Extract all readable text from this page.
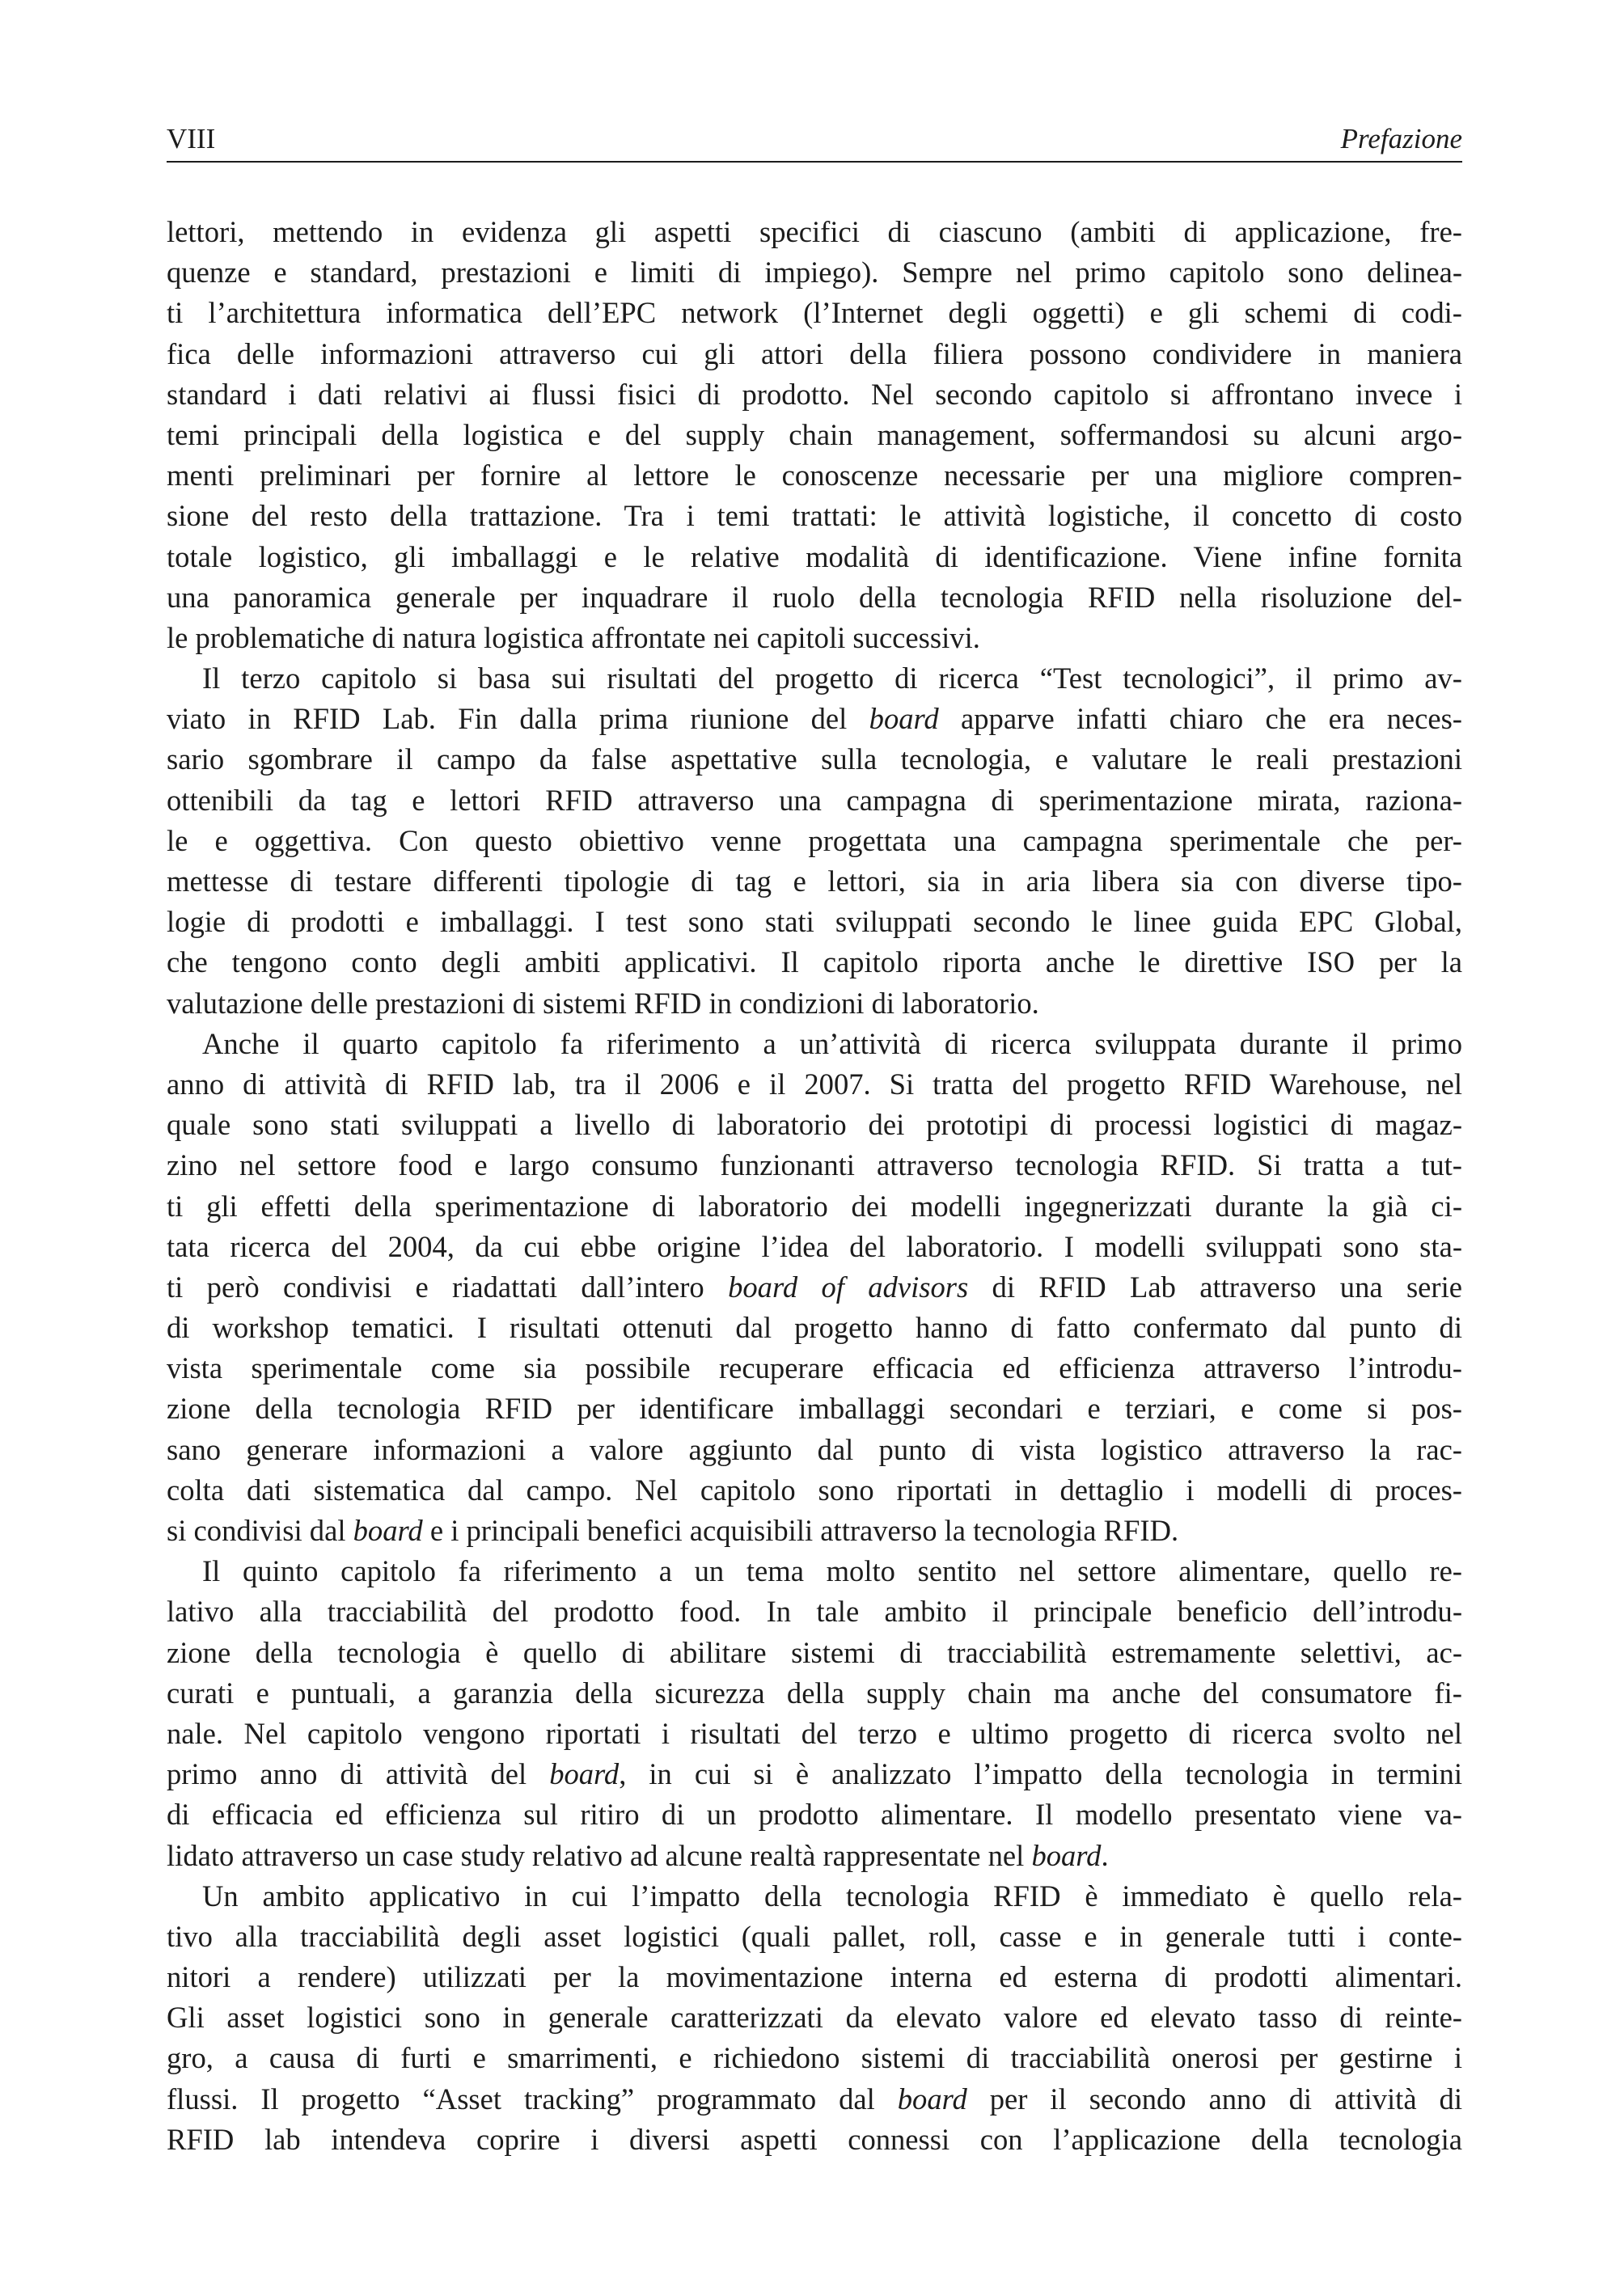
VIII	Prefazione
lettori, mettendo in evidenza gli aspetti specifici di ciascuno (ambiti di applicazione, fre-
quenze e standard, prestazioni e limiti di impiego). Sempre nel primo capitolo sono delinea-
ti l’architettura informatica dell’EPC network (l’Internet degli oggetti) e gli schemi di codi-
fica delle informazioni attraverso cui gli attori della filiera possono condividere in maniera
standard i dati relativi ai flussi fisici di prodotto. Nel secondo capitolo si affrontano invece i
temi principali della logistica e del supply chain management, soffermandosi su alcuni argo-
menti preliminari per fornire al lettore le conoscenze necessarie per una migliore compren-
sione del resto della trattazione. Tra i temi trattati: le attività logistiche, il concetto di costo
totale logistico, gli imballaggi e le relative modalità di identificazione. Viene infine fornita
una panoramica generale per inquadrare il ruolo della tecnologia RFID nella risoluzione del-
le problematiche di natura logistica affrontate nei capitoli successivi.
Il terzo capitolo si basa sui risultati del progetto di ricerca “Test tecnologici”, il primo av-
viato in RFID Lab. Fin dalla prima riunione del board apparve infatti chiaro che era neces-
sario sgombrare il campo da false aspettative sulla tecnologia, e valutare le reali prestazioni
ottenibili da tag e lettori RFID attraverso una campagna di sperimentazione mirata, raziona-
le e oggettiva. Con questo obiettivo venne progettata una campagna sperimentale che per-
mettesse di testare differenti tipologie di tag e lettori, sia in aria libera sia con diverse tipo-
logie di prodotti e imballaggi. I test sono stati sviluppati secondo le linee guida EPC Global,
che tengono conto degli ambiti applicativi. Il capitolo riporta anche le direttive ISO per la
valutazione delle prestazioni di sistemi RFID in condizioni di laboratorio.
Anche il quarto capitolo fa riferimento a un’attività di ricerca sviluppata durante il primo
anno di attività di RFID lab, tra il 2006 e il 2007. Si tratta del progetto RFID Warehouse, nel
quale sono stati sviluppati a livello di laboratorio dei prototipi di processi logistici di magaz-
zino nel settore food e largo consumo funzionanti attraverso tecnologia RFID. Si tratta a tut-
ti gli effetti della sperimentazione di laboratorio dei modelli ingegnerizzati durante la già ci-
tata ricerca del 2004, da cui ebbe origine l’idea del laboratorio. I modelli sviluppati sono sta-
ti però condivisi e riadattati dall’intero board of advisors di RFID Lab attraverso una serie
di workshop tematici. I risultati ottenuti dal progetto hanno di fatto confermato dal punto di
vista sperimentale come sia possibile recuperare efficacia ed efficienza attraverso l’introdu-
zione della tecnologia RFID per identificare imballaggi secondari e terziari, e come si pos-
sano generare informazioni a valore aggiunto dal punto di vista logistico attraverso la rac-
colta dati sistematica dal campo. Nel capitolo sono riportati in dettaglio i modelli di proces-
si condivisi dal board e i principali benefici acquisibili attraverso la tecnologia RFID.
Il quinto capitolo fa riferimento a un tema molto sentito nel settore alimentare, quello re-
lativo alla tracciabilità del prodotto food. In tale ambito il principale beneficio dell’introdu-
zione della tecnologia è quello di abilitare sistemi di tracciabilità estremamente selettivi, ac-
curati e puntuali, a garanzia della sicurezza della supply chain ma anche del consumatore fi-
nale. Nel capitolo vengono riportati i risultati del terzo e ultimo progetto di ricerca svolto nel
primo anno di attività del board, in cui si è analizzato l’impatto della tecnologia in termini
di efficacia ed efficienza sul ritiro di un prodotto alimentare. Il modello presentato viene va-
lidato attraverso un case study relativo ad alcune realtà rappresentate nel board.
Un ambito applicativo in cui l’impatto della tecnologia RFID è immediato è quello rela-
tivo alla tracciabilità degli asset logistici (quali pallet, roll, casse e in generale tutti i conte-
nitori a rendere) utilizzati per la movimentazione interna ed esterna di prodotti alimentari.
Gli asset logistici sono in generale caratterizzati da elevato valore ed elevato tasso di reinte-
gro, a causa di furti e smarrimenti, e richiedono sistemi di tracciabilità onerosi per gestirne i
flussi. Il progetto “Asset tracking” programmato dal board per il secondo anno di attività di
RFID lab intendeva coprire i diversi aspetti connessi con l’applicazione della tecnologia
